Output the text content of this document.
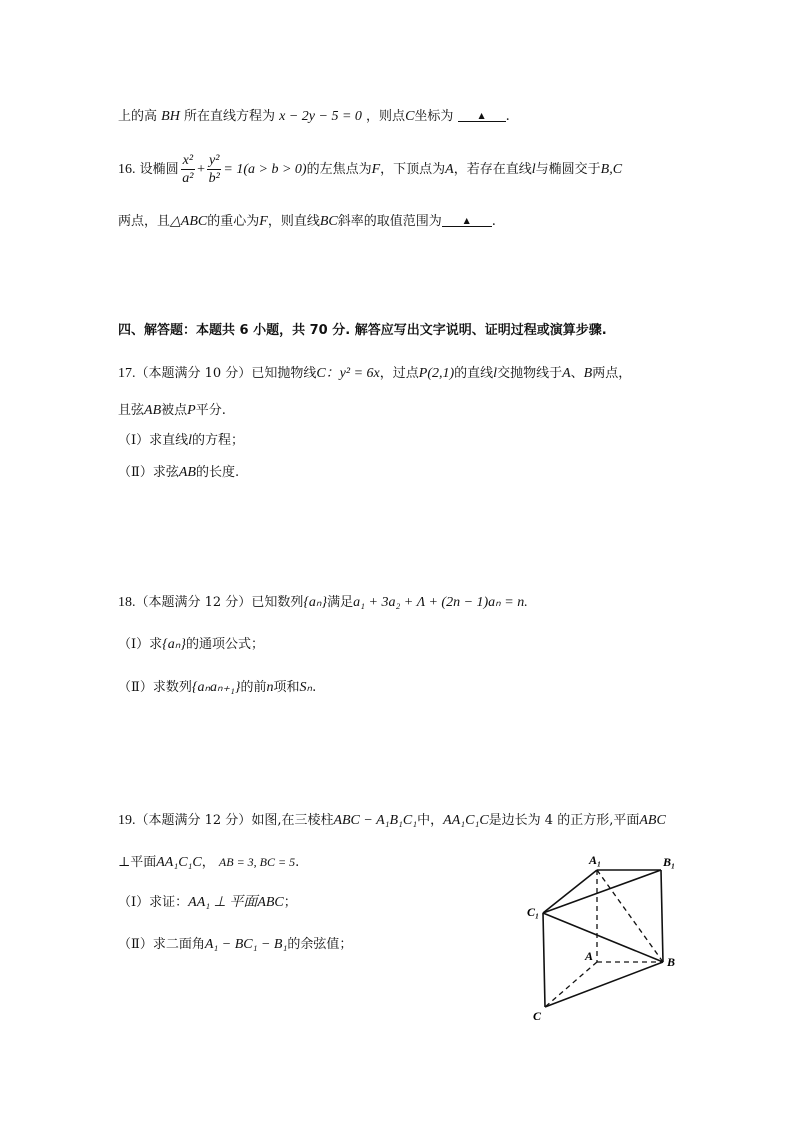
上的高 BH 所在直线方程为 x − 2y − 5 = 0 ，则点C坐标为	▲ .
16. 设椭圆 $\frac{\text{x²}}{\text{a²}} + \frac{\text{y²}}{\text{b²}} = 1(a > b > 0)$的左焦点为F，下顶点为A，若存在直线l与椭圆交于B,C
两点，且△ABC的重心为F，则直线BC斜率的取值范围为	▲ .
四、解答题：本题共 6 小题，共 70 分. 解答应写出文字说明、证明过程或演算步骤.
17.（本题满分 10 分）已知抛物线C：y² = 6x，过点P(2,1)的直线l交抛物线于A、B两点，
且弦AB被点P平分.
（Ⅰ）求直线l的方程；
（Ⅱ）求弦AB的长度.
18.（本题满分 12 分）已知数列{aₙ}满足a₁ + 3a₂ + Λ + (2n − 1)aₙ = n.
（Ⅰ）求{aₙ}的通项公式；
（Ⅱ）求数列{aₙaₙ₊₁}的前n项和Sₙ.
19.（本题满分 12 分）如图,在三棱柱ABC − A₁B₁C₁中，AA₁C₁C是边长为 4 的正方形,平面ABC
⊥平面AA₁C₁C， AB = 3, BC = 5.
（Ⅰ）求证：AA₁ ⊥ 平面ABC；
（Ⅱ）求二面角A₁ − BC₁ − B₁的余弦值；
A₁	B₁
C₁
A	B
C
